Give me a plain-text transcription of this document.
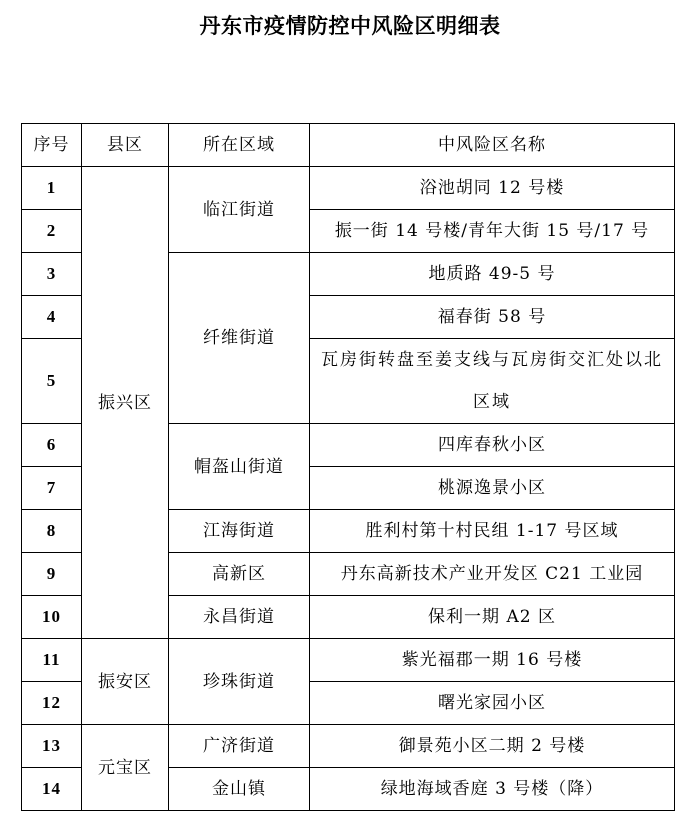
丹东市疫情防控中风险区明细表
序号	县区	所在区域	中风险区名称
1	振兴区	临江街道	浴池胡同 12 号楼
2			振一街 14 号楼/青年大街 15 号/17 号
3		纤维街道	地质路 49-5 号
4			福春街 58 号
5			瓦房街转盘至姜支线与瓦房街交汇处以北区域
6		帽盔山街道	四库春秋小区
7			桃源逸景小区
8		江海街道	胜利村第十村民组 1-17 号区域
9		高新区	丹东高新技术产业开发区 C21 工业园
10		永昌街道	保利一期 A2 区
11	振安区	珍珠街道	紫光福郡一期 16 号楼
12			曙光家园小区
13	元宝区	广济街道	御景苑小区二期 2 号楼
14		金山镇	绿地海域香庭 3 号楼（降）
